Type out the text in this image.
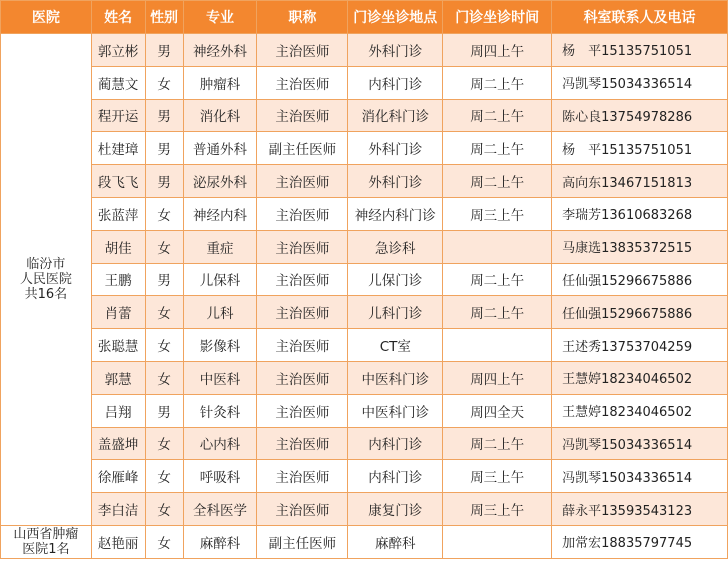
医院	姓名	性别	专业	职称	门诊坐诊地点	门诊坐诊时间	科室联系人及电话

临汾市
人民医院
共16名	郭立彬	男	神经外科	主治医师	外科门诊	周四上午	杨　平15135751051
	蔺慧文	女	肿瘤科	主治医师	内科门诊	周二上午	冯凯琴15034336514
	程开运	男	消化科	主治医师	消化科门诊	周二上午	陈心良13754978286
	杜建璋	男	普通外科	副主任医师	外科门诊	周二上午	杨　平15135751051
	段飞飞	男	泌尿外科	主治医师	外科门诊	周二上午	高向东13467151813
	张蓝萍	女	神经内科	主治医师	神经内科门诊	周三上午	李瑞芳13610683268
	胡佳	女	重症	主治医师	急诊科		马康选13835372515
	王鹏	男	儿保科	主治医师	儿保门诊	周二上午	任仙强15296675886
	肖蕾	女	儿科	主治医师	儿科门诊	周二上午	任仙强15296675886
	张聪慧	女	影像科	主治医师	CT室		王述秀13753704259
	郭慧	女	中医科	主治医师	中医科门诊	周四上午	王慧婷18234046502
	吕翔	男	针灸科	主治医师	中医科门诊	周四全天	王慧婷18234046502
	盖盛坤	女	心内科	主治医师	内科门诊	周二上午	冯凯琴15034336514
	徐雁峰	女	呼吸科	主治医师	内科门诊	周三上午	冯凯琴15034336514
	李白洁	女	全科医学	主治医师	康复门诊	周三上午	薛永平13593543123

山西省肿瘤
医院1名	赵艳丽	女	麻醉科	副主任医师	麻醉科		加常宏18835797745
